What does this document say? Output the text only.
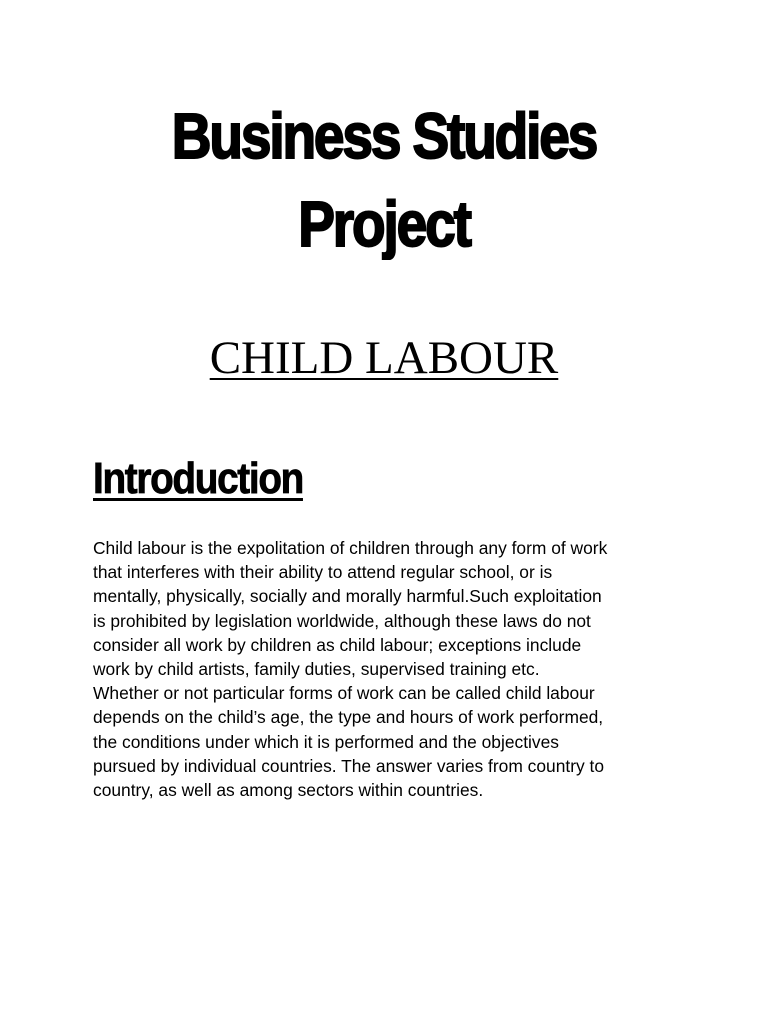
Business Studies
Project
CHILD LABOUR
Introduction

Child labour is the expolitation of children through any form of work
that interferes with their ability to attend regular school, or is
mentally, physically, socially and morally harmful.Such exploitation
is prohibited by legislation worldwide, although these laws do not
consider all work by children as child labour; exceptions include
work by child artists, family duties, supervised training etc.
Whether or not particular forms of work can be called child labour
depends on the child’s age, the type and hours of work performed,
the conditions under which it is performed and the objectives
pursued by individual countries. The answer varies from country to
country, as well as among sectors within countries.
